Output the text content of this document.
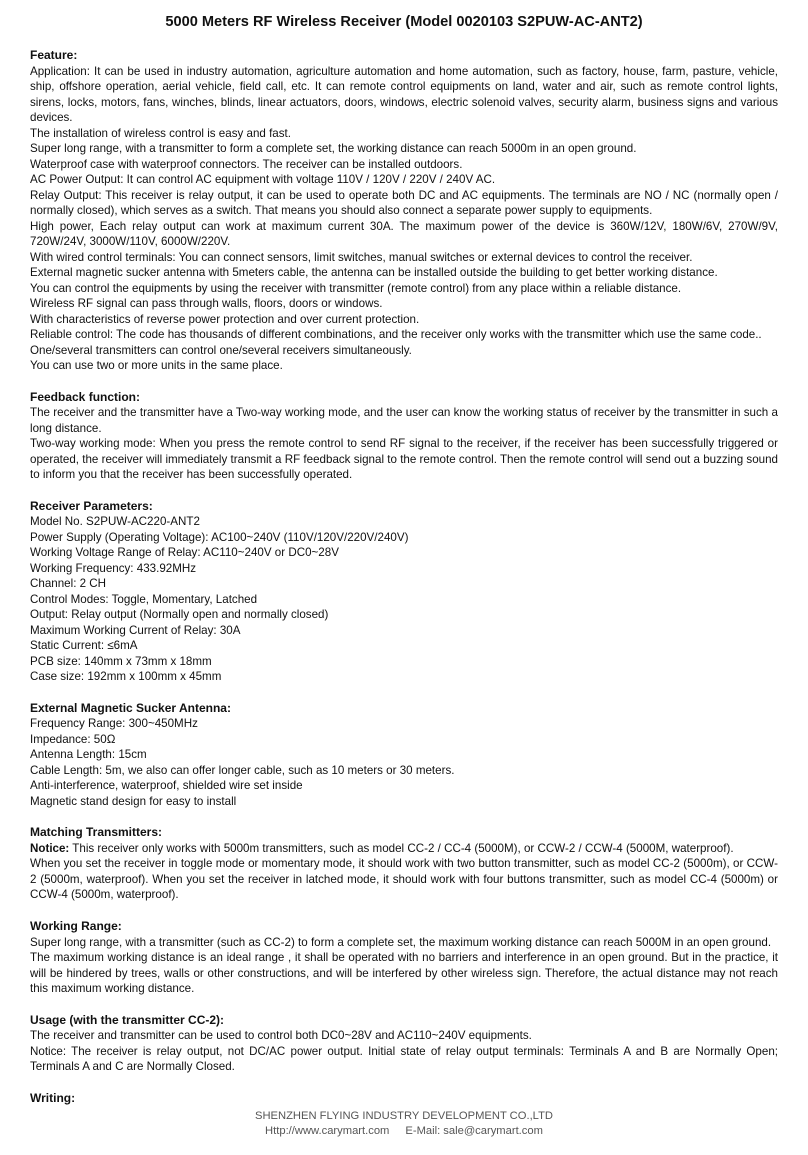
5000 Meters RF Wireless Receiver (Model 0020103 S2PUW-AC-ANT2)
Feature:

Application: It can be used in industry automation, agriculture automation and home automation, such as factory, house, farm, pasture, vehicle, ship, offshore operation, aerial vehicle, field call, etc. It can remote control equipments on land, water and air, such as remote control lights, sirens, locks, motors, fans, winches, blinds, linear actuators, doors, windows, electric solenoid valves, security alarm, business signs and various devices.

The installation of wireless control is easy and fast.

Super long range, with a transmitter to form a complete set, the working distance can reach 5000m in an open ground.

Waterproof case with waterproof connectors. The receiver can be installed outdoors.

AC Power Output: It can control AC equipment with voltage 110V / 120V / 220V / 240V AC.

Relay Output: This receiver is relay output, it can be used to operate both DC and AC equipments. The terminals are NO / NC (normally open / normally closed), which serves as a switch. That means you should also connect a separate power supply to equipments.

High power, Each relay output can work at maximum current 30A. The maximum power of the device is 360W/12V, 180W/6V, 270W/9V, 720W/24V, 3000W/110V, 6000W/220V.

With wired control terminals: You can connect sensors, limit switches, manual switches or external devices to control the receiver.

External magnetic sucker antenna with 5meters cable, the antenna can be installed outside the building to get better working distance.

You can control the equipments by using the receiver with transmitter (remote control) from any place within a reliable distance.

Wireless RF signal can pass through walls, floors, doors or windows.

With characteristics of reverse power protection and over current protection.

Reliable control: The code has thousands of different combinations, and the receiver only works with the transmitter which use the same code..

One/several transmitters can control one/several receivers simultaneously.

You can use two or more units in the same place.

Feedback function:

The receiver and the transmitter have a Two-way working mode, and the user can know the working status of receiver by the transmitter in such a long distance.

Two-way working mode: When you press the remote control to send RF signal to the receiver, if the receiver has been successfully triggered or operated, the receiver will immediately transmit a RF feedback signal to the remote control. Then the remote control will send out a buzzing sound to inform you that the receiver has been successfully operated.

Receiver Parameters:

Model No. S2PUW-AC220-ANT2

Power Supply (Operating Voltage): AC100~240V (110V/120V/220V/240V)

Working Voltage Range of Relay: AC110~240V or DC0~28V

Working Frequency: 433.92MHz

Channel: 2 CH

Control Modes: Toggle, Momentary, Latched

Output: Relay output (Normally open and normally closed)

Maximum Working Current of Relay: 30A

Static Current: ≤6mA

PCB size: 140mm x 73mm x 18mm

Case size: 192mm x 100mm x 45mm

External Magnetic Sucker Antenna:

Frequency Range: 300~450MHz

Impedance: 50Ω

Antenna Length: 15cm

Cable Length: 5m, we also can offer longer cable, such as 10 meters or 30 meters.

Anti-interference, waterproof, shielded wire set inside

Magnetic stand design for easy to install

Matching Transmitters:

Notice: This receiver only works with 5000m transmitters, such as model CC-2 / CC-4 (5000M), or CCW-2 / CCW-4 (5000M, waterproof).

When you set the receiver in toggle mode or momentary mode, it should work with two button transmitter, such as model CC-2 (5000m), or CCW-2 (5000m, waterproof). When you set the receiver in latched mode, it should work with four buttons transmitter, such as model CC-4 (5000m) or CCW-4 (5000m, waterproof).

Working Range:

Super long range, with a transmitter (such as CC-2) to form a complete set, the maximum working distance can reach 5000M in an open ground.

The maximum working distance is an ideal range , it shall be operated with no barriers and interference in an open ground. But in the practice, it will be hindered by trees, walls or other constructions, and will be interfered by other wireless sign. Therefore, the actual distance may not reach this maximum working distance.

Usage (with the transmitter CC-2):

The receiver and transmitter can be used to control both DC0~28V and AC110~240V equipments.

Notice: The receiver is relay output, not DC/AC power output. Initial state of relay output terminals: Terminals A and B are Normally Open; Terminals A and C are Normally Closed.

Writing:
SHENZHEN FLYING INDUSTRY DEVELOPMENT CO.,LTD
Http://www.carymart.com E-Mail: sale@carymart.com
